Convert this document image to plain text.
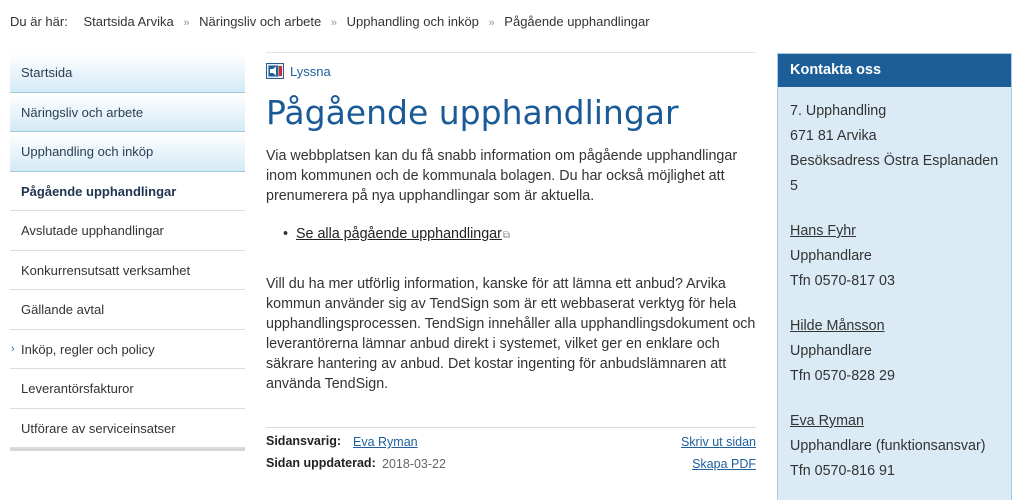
Du är här: Startsida Arvika » Näringsliv och arbete » Upphandling och inköp » Pågående upphandlingar
Startsida
Näringsliv och arbete
Upphandling och inköp
Pågående upphandlingar
Avslutade upphandlingar
Konkurrensutsatt verksamhet
Gällande avtal
› Inköp, regler och policy
Leverantörsfakturor
Utförare av serviceinsatser
Lyssna
Pågående upphandlingar

Via webbplatsen kan du få snabb information om pågående upphandlingar inom kommunen och de kommunala bolagen. Du har också möjlighet att prenumerera på nya upphandlingar som är aktuella.

• Se alla pågående upphandlingar⧉

Vill du ha mer utförlig information, kanske för att lämna ett anbud? Arvika kommun använder sig av TendSign som är ett webbaserat verktyg för hela upphandlingsprocessen. TendSign innehåller alla upphandlingsdokument och leverantörerna lämnar anbud direkt i systemet, vilket ger en enklare och säkrare hantering av anbud. Det kostar ingenting för anbudslämnaren att använda TendSign.

Sidansvarig: Eva Ryman	Skriv ut sidan
Sidan uppdaterad: 2018-03-22	Skapa PDF
Kontakta oss
7. Upphandling
671 81 Arvika
Besöksadress Östra Esplanaden 5
Hans Fyhr
Upphandlare
Tfn 0570-817 03
Hilde Månsson
Upphandlare
Tfn 0570-828 29
Eva Ryman
Upphandlare (funktionsansvar)
Tfn 0570-816 91
